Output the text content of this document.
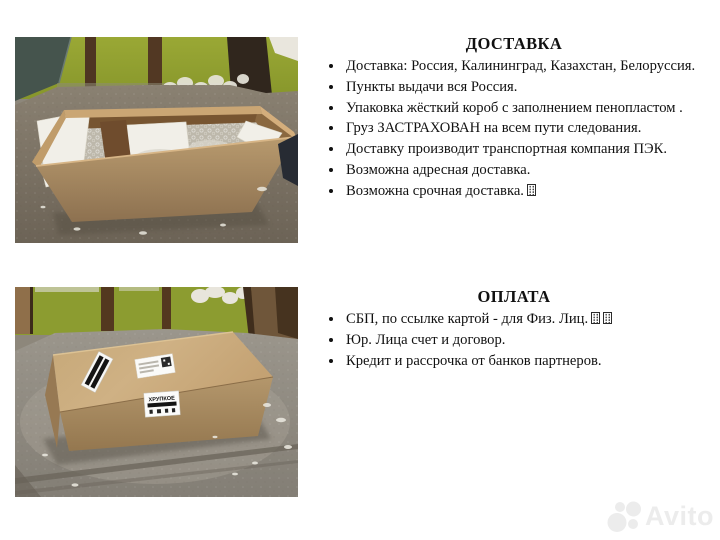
ХРУПКОЕ
ДОСТАВКА
• Доставка: Россия, Калининград, Казахстан, Белоруссия.
• Пункты выдачи вся Россия.
• Упаковка жёсткий короб с заполнением пенопластом .
• Груз ЗАСТРАХОВАН на всем пути следования.
• Доставку производит транспортная компания ПЭК.
• Возможна адресная доставка.
• Возможна срочная доставка.
ОПЛАТА
• СБП, по ссылке картой - для Физ. Лиц.
• Юр. Лица счет и договор.
• Кредит и рассрочка от банков партнеров.
Avito
